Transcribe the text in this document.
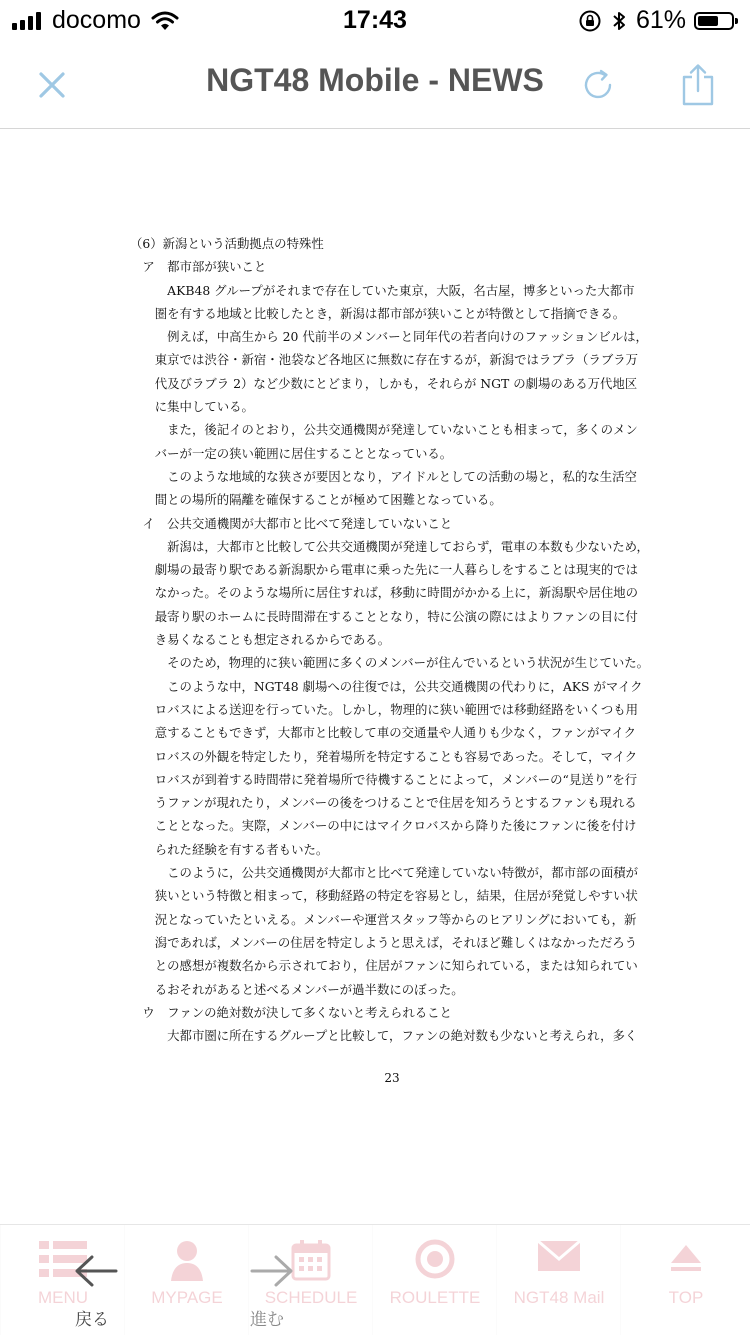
docomo	17:43	61%
NGT48 Mobile - NEWS
（6）新潟という活動拠点の特殊性
　ア　都市部が狭いこと
　　　AKB48 グループがそれまで存在していた東京，大阪，名古屋，博多といった大都市
　　圏を有する地域と比較したとき，新潟は都市部が狭いことが特徴として指摘できる。
　　　例えば，中高生から 20 代前半のメンバーと同年代の若者向けのファッションビルは，
　　東京では渋谷・新宿・池袋など各地区に無数に存在するが，新潟ではラブラ（ラブラ万
　　代及びラブラ 2）など少数にとどまり，しかも，それらが NGT の劇場のある万代地区
　　に集中している。
　　　また，後記イのとおり，公共交通機関が発達していないことも相まって，多くのメン
　　バーが一定の狭い範囲に居住することとなっている。
　　　このような地域的な狭さが要因となり，アイドルとしての活動の場と，私的な生活空
　　間との場所的隔離を確保することが極めて困難となっている。
　イ　公共交通機関が大都市と比べて発達していないこと
　　　新潟は，大都市と比較して公共交通機関が発達しておらず，電車の本数も少ないため，
　　劇場の最寄り駅である新潟駅から電車に乗った先に一人暮らしをすることは現実的では
　　なかった。そのような場所に居住すれば，移動に時間がかかる上に，新潟駅や居住地の
　　最寄り駅のホームに長時間滞在することとなり，特に公演の際にはよりファンの目に付
　　き易くなることも想定されるからである。
　　　そのため，物理的に狭い範囲に多くのメンバーが住んでいるという状況が生じていた。
　　　このような中，NGT48 劇場への往復では，公共交通機関の代わりに，AKS がマイク
　　ロバスによる送迎を行っていた。しかし，物理的に狭い範囲では移動経路をいくつも用
　　意することもできず，大都市と比較して車の交通量や人通りも少なく，ファンがマイク
　　ロバスの外観を特定したり，発着場所を特定することも容易であった。そして，マイク
　　ロバスが到着する時間帯に発着場所で待機することによって，メンバーの“見送り”を行
　　うファンが現れたり，メンバーの後をつけることで住居を知ろうとするファンも現れる
　　こととなった。実際，メンバーの中にはマイクロバスから降りた後にファンに後を付け
　　られた経験を有する者もいた。
　　　このように，公共交通機関が大都市と比べて発達していない特徴が，都市部の面積が
　　狭いという特徴と相まって，移動経路の特定を容易とし，結果，住居が発覚しやすい状
　　況となっていたといえる。メンバーや運営スタッフ等からのヒアリングにおいても，新
　　潟であれば，メンバーの住居を特定しようと思えば，それほど難しくはなかっただろう
　　との感想が複数名から示されており，住居がファンに知られている，または知られてい
　　るおそれがあると述べるメンバーが過半数にのぼった。
　ウ　ファンの絶対数が決して多くないと考えられること
　　　大都市圏に所在するグループと比較して，ファンの絶対数も少ないと考えられ，多く
23
MENU	MYPAGE	SCHEDULE	ROULETTE	NGT48 Mail	TOP
戻る	進む
